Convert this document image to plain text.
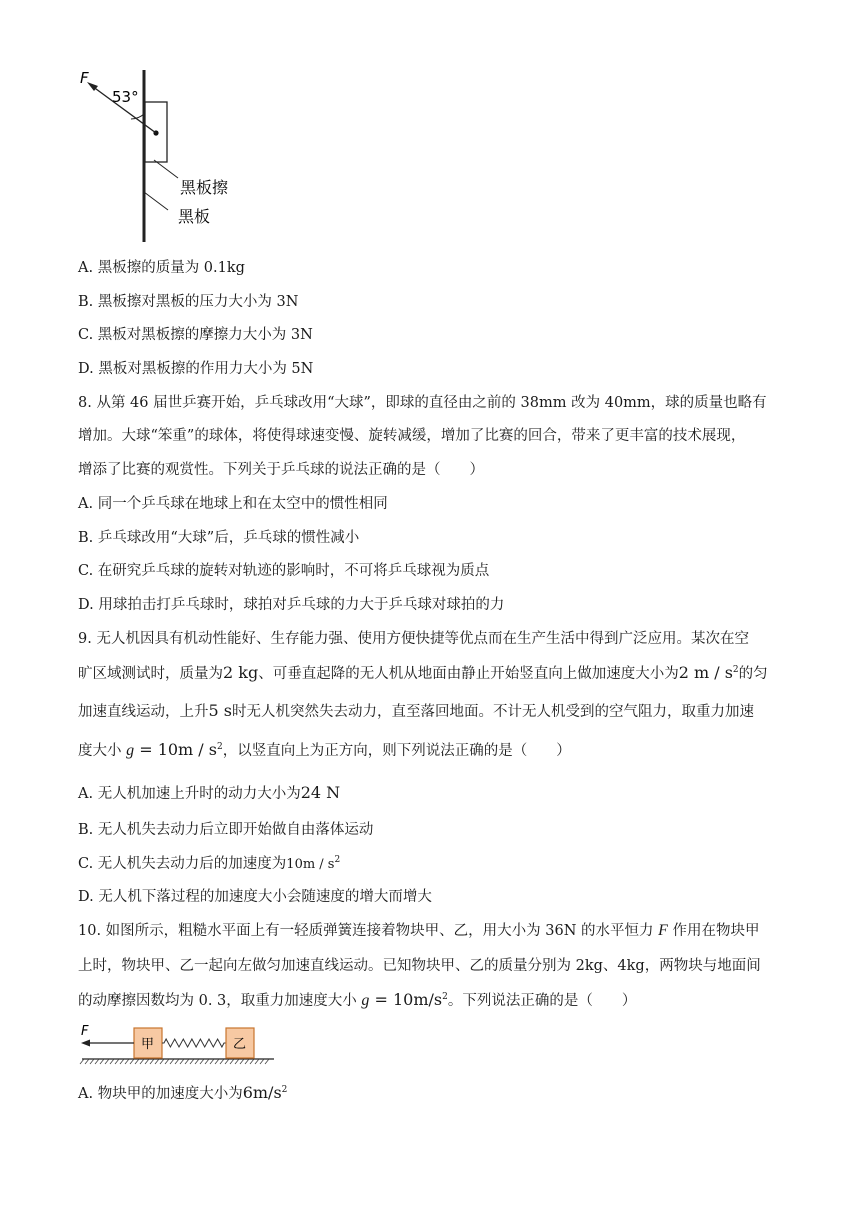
F
53°
黑板擦
黑板
A. 黑板擦的质量为 0.1kg
B. 黑板擦对黑板的压力大小为 3N
C. 黑板对黑板擦的摩擦力大小为 3N
D. 黑板对黑板擦的作用力大小为 5N
8. 从第 46 届世乒赛开始，乒乓球改用“大球”，即球的直径由之前的 38mm 改为 40mm，球的质量也略有
增加。大球“笨重”的球体，将使得球速变慢、旋转减缓，增加了比赛的回合，带来了更丰富的技术展现，
增添了比赛的观赏性。下列关于乒乓球的说法正确的是（　　）
A. 同一个乒乓球在地球上和在太空中的惯性相同
B. 乒乓球改用“大球”后，乒乓球的惯性减小
C. 在研究乒乓球的旋转对轨迹的影响时，不可将乒乓球视为质点
D. 用球拍击打乒乓球时，球拍对乒乓球的力大于乒乓球对球拍的力
9. 无人机因具有机动性能好、生存能力强、使用方便快捷等优点而在生产生活中得到广泛应用。某次在空
旷区域测试时，质量为2 kg、可垂直起降的无人机从地面由静止开始竖直向上做加速度大小为2 m / $s^2$的匀
加速直线运动，上升5 s时无人机突然失去动力，直至落回地面。不计无人机受到的空气阻力，取重力加速
度大小 $g = 10m / s^2$，以竖直向上为正方向，则下列说法正确的是（　　）
A. 无人机加速上升时的动力大小为24 N
B. 无人机失去动力后立即开始做自由落体运动
C. 无人机失去动力后的加速度为$10m / s^2$
D. 无人机下落过程的加速度大小会随速度的增大而增大
10. 如图所示，粗糙水平面上有一轻质弹簧连接着物块甲、乙，用大小为 36N 的水平恒力 F 作用在物块甲
上时，物块甲、乙一起向左做匀加速直线运动。已知物块甲、乙的质量分别为 2kg、4kg，两物块与地面间
的动摩擦因数均为 0. 3，取重力加速度大小 $g = 10m/s^2$。下列说法正确的是（　　）
甲	乙
F
A. 物块甲的加速度大小为$6m/s^2$
